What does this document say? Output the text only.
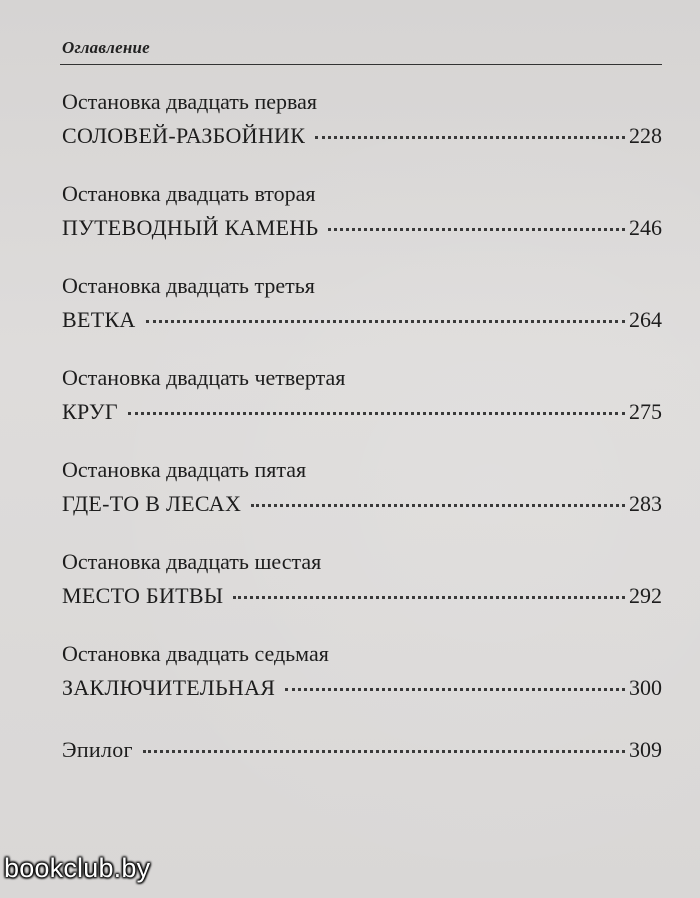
Оглавление
Остановка двадцать первая
СОЛОВЕЙ-РАЗБОЙНИК	228
Остановка двадцать вторая
ПУТЕВОДНЫЙ КАМЕНЬ	246
Остановка двадцать третья
ВЕТКА	264
Остановка двадцать четвертая
КРУГ	275
Остановка двадцать пятая
ГДЕ-ТО В ЛЕСАХ	283
Остановка двадцать шестая
МЕСТО БИТВЫ	292
Остановка двадцать седьмая
ЗАКЛЮЧИТЕЛЬНАЯ	300
Эпилог	309
bookclub.by
